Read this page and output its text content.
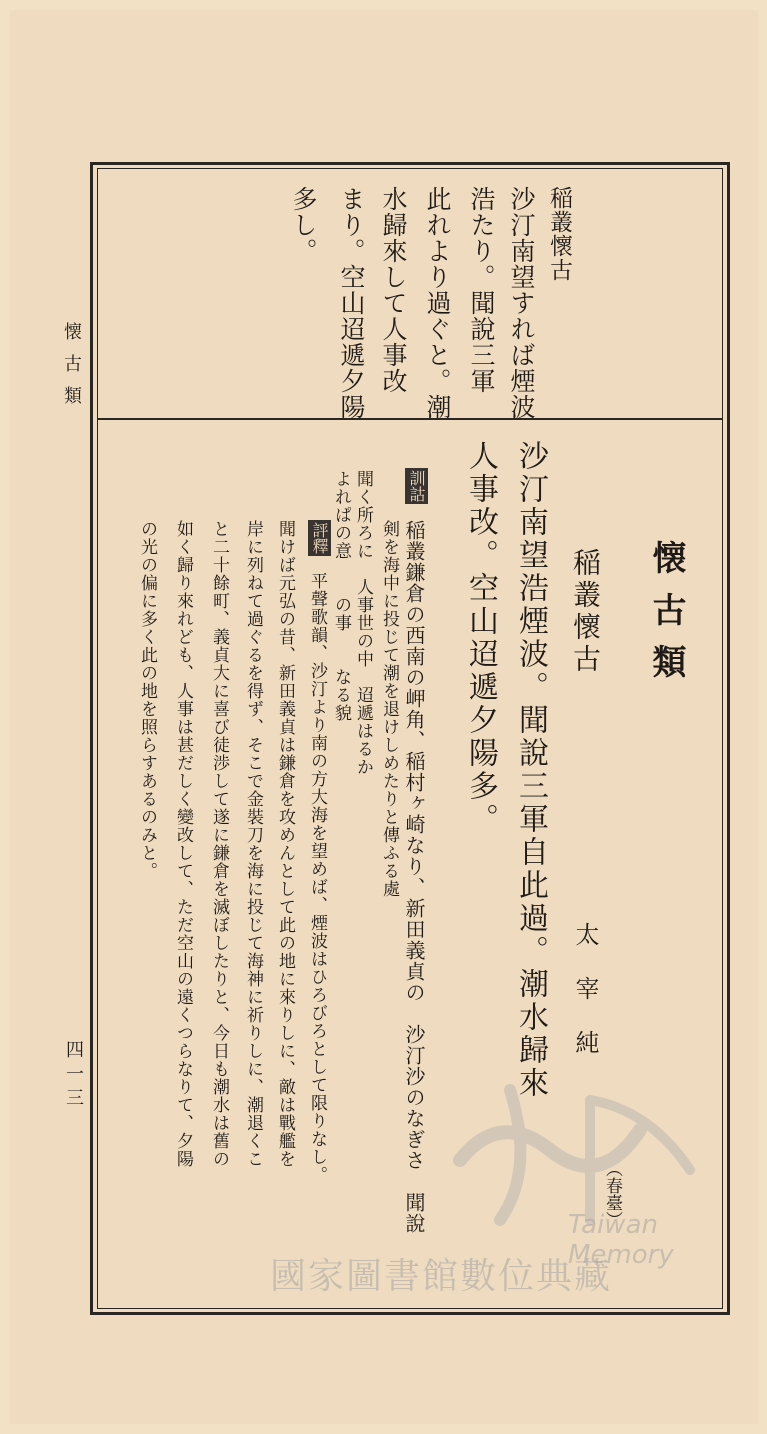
懐古類
四一三
稲叢懷古
沙汀南望すれば煙波
浩たり。聞說三軍
此れより過ぐと。潮
水歸來して人事改
まり。空山迢遞夕陽
多し。
懐古類
稲叢懷古
太宰純
（春臺）
沙汀南望浩煙波。聞說三軍自此過。潮水歸來
人事改。空山迢遞夕陽多。
訓詁
稲叢鎌倉の西南の岬角、稲村ヶ崎なり、新田義貞の　沙汀沙のなぎさ　聞說
剣を海中に投じて潮を退けしめたりと傳ふる處
聞く所ろに　人事世の中　迢遞はるか
よれぱの意　　の事　　なる貌
評釋
平聲歌韻、沙汀より南の方大海を望めば、煙波はひろびろとして限りなし。
聞けば元弘の昔、新田義貞は鎌倉を攻めんとして此の地に來りしに、敵は戰艦を
岸に列ねて過ぐるを得ず、そこで金裝刀を海に投じて海神に祈りしに、潮退くこ
と二十餘町、義貞大に喜び徒渉して遂に鎌倉を滅ぼしたりと、今日も潮水は舊の
如く歸り來れども、人事は甚だしく變改して、ただ空山の遠くつらなりて、夕陽
の光の偏に多く此の地を照らすあるのみと。
Taiwan Memory
國家圖書館數位典藏
